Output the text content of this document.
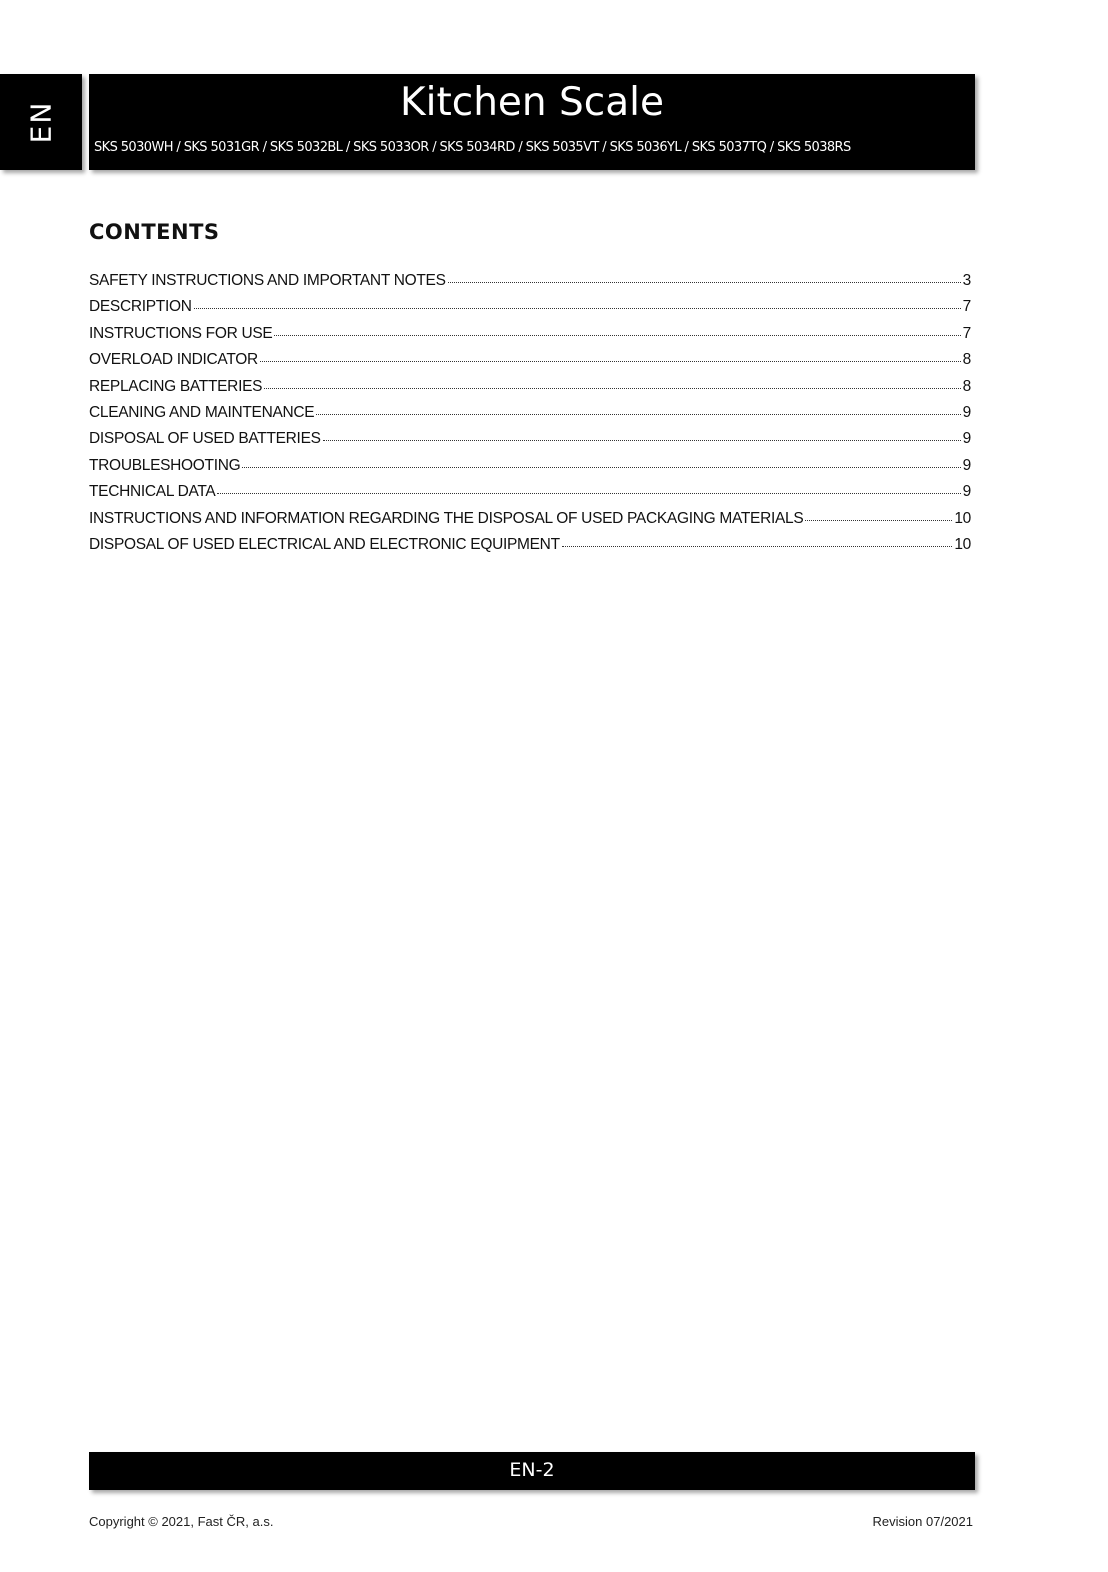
EN	Kitchen Scale
SKS 5030WH / SKS 5031GR / SKS 5032BL / SKS 5033OR / SKS 5034RD / SKS 5035VT / SKS 5036YL / SKS 5037TQ / SKS 5038RS
CONTENTS
SAFETY INSTRUCTIONS AND IMPORTANT NOTES	3
DESCRIPTION	7
INSTRUCTIONS FOR USE	7
OVERLOAD INDICATOR	8
REPLACING BATTERIES	8
CLEANING AND MAINTENANCE	9
DISPOSAL OF USED BATTERIES	9
TROUBLESHOOTING	9
TECHNICAL DATA	9
INSTRUCTIONS AND INFORMATION REGARDING THE DISPOSAL OF USED PACKAGING MATERIALS	10
DISPOSAL OF USED ELECTRICAL AND ELECTRONIC EQUIPMENT	10
EN-2
Copyright © 2021, Fast ČR, a.s.	Revision 07/2021
